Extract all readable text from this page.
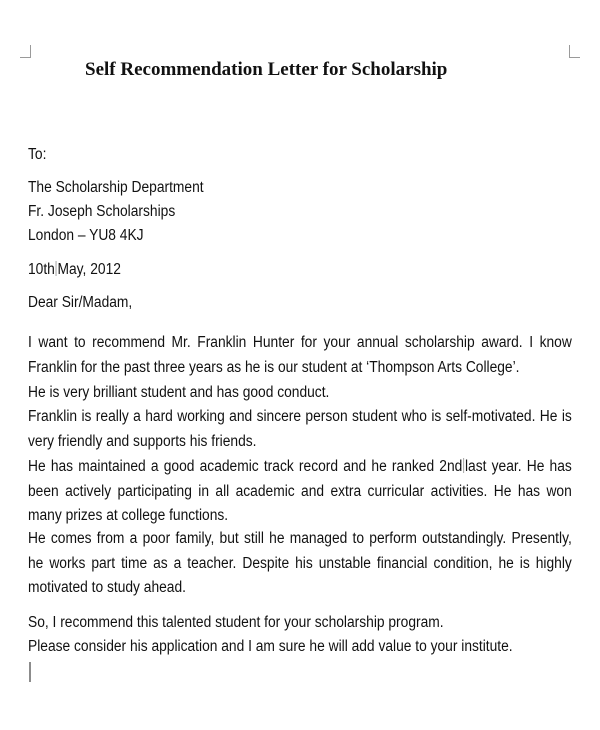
Self Recommendation Letter for Scholarship
To:
The Scholarship Department
Fr. Joseph Scholarships
London – YU8 4KJ
10th May, 2012
Dear Sir/Madam,
I want to recommend Mr. Franklin Hunter for your annual scholarship award. I know Franklin for the past three years as he is our student at ‘Thompson Arts College’.
He is very brilliant student and has good conduct.
Franklin is really a hard working and sincere person student who is self-motivated. He is very friendly and supports his friends.
He has maintained a good academic track record and he ranked 2nd last year. He has been actively participating in all academic and extra curricular activities. He has won many prizes at college functions.
He comes from a poor family, but still he managed to perform outstandingly. Presently, he works part time as a teacher. Despite his unstable financial condition, he is highly motivated to study ahead.
So, I recommend this talented student for your scholarship program.
Please consider his application and I am sure he will add value to your institute.
